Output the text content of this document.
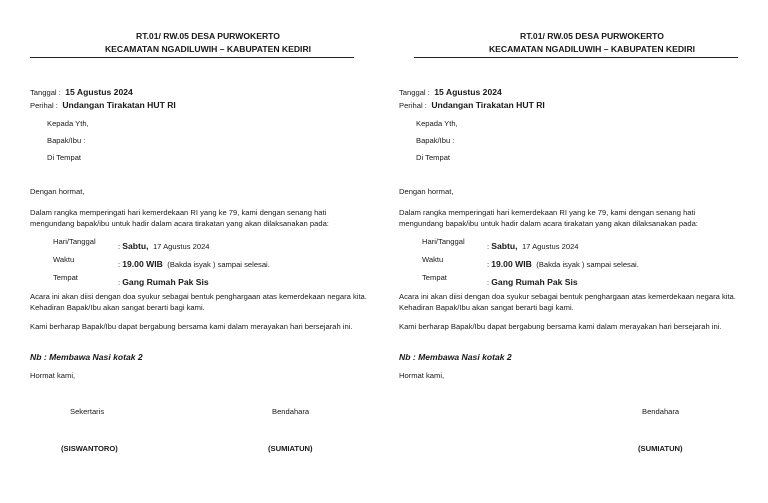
RT.01/ RW.05 DESA PURWOKERTO
KECAMATAN NGADILUWIH – KABUPATEN KEDIRI
Tanggal : 15 Agustus 2024
Perihal : Undangan Tirakatan HUT RI
Kepada Yth,
Bapak/Ibu :
Di Tempat
Dengan hormat,
Dalam rangka memperingati hari kemerdekaan RI yang ke 79, kami dengan senang hati mengundang bapak/ibu untuk hadir dalam acara tirakatan yang akan dilaksanakan pada:
Hari/Tanggal
: Sabtu, 17 Agustus 2024
Waktu
: 19.00 WIB (Bakda isyak ) sampai selesai.
Tempat
: Gang Rumah Pak Sis
Acara ini akan diisi dengan doa syukur sebagai bentuk penghargaan atas kemerdekaan negara kita. Kehadiran Bapak/Ibu akan sangat berarti bagi kami.
Kami berharap Bapak/Ibu dapat bergabung bersama kami dalam merayakan hari bersejarah ini.
Nb : Membawa Nasi kotak 2
Hormat kami,
Sekertaris	Bendahara
(SISWANTORO)	(SUMIATUN)
RT.01/ RW.05 DESA PURWOKERTO
KECAMATAN NGADILUWIH – KABUPATEN KEDIRI
Tanggal : 15 Agustus 2024
Perihal : Undangan Tirakatan HUT RI
Kepada Yth,
Bapak/Ibu :
Di Tempat
Dengan hormat,
Dalam rangka memperingati hari kemerdekaan RI yang ke 79, kami dengan senang hati mengundang bapak/ibu untuk hadir dalam acara tirakatan yang akan dilaksanakan pada:
Hari/Tanggal
: Sabtu, 17 Agustus 2024
Waktu
: 19.00 WIB (Bakda isyak ) sampai selesai.
Tempat
: Gang Rumah Pak Sis
Acara ini akan diisi dengan doa syukur sebagai bentuk penghargaan atas kemerdekaan negara kita. Kehadiran Bapak/Ibu akan sangat berarti bagi kami.
Kami berharap Bapak/Ibu dapat bergabung bersama kami dalam merayakan hari bersejarah ini.
Nb : Membawa Nasi kotak 2
Hormat kami,
Bendahara
(SUMIATUN)
